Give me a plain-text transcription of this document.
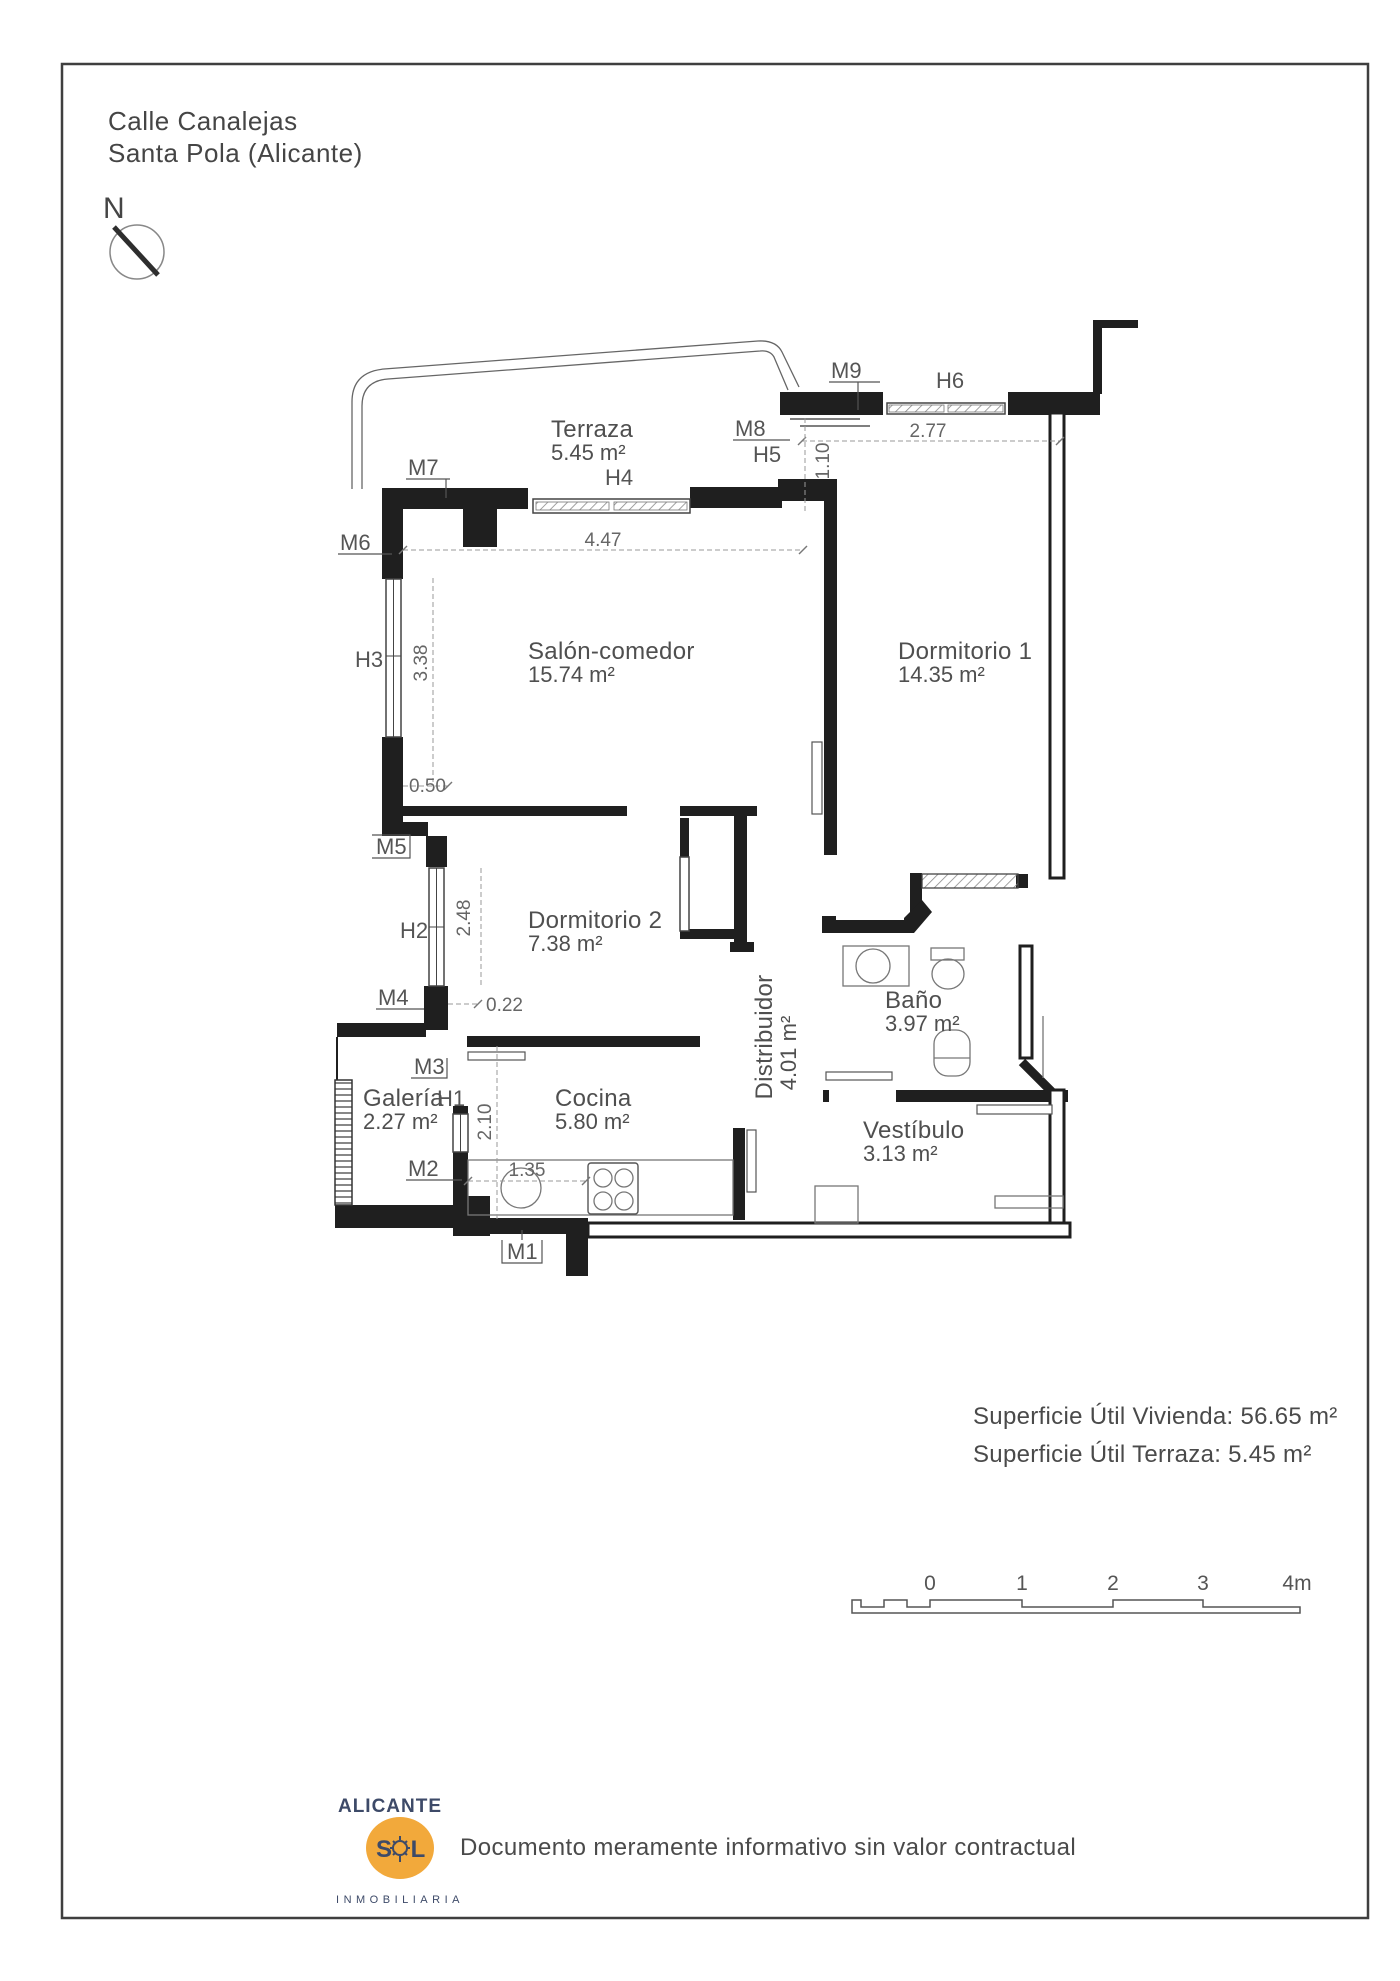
Calle Canalejas
Santa Pola (Alicante)
N
Terraza
5.45 m²
Salón-comedor
15.74 m²
Dormitorio 1
14.35 m²
Dormitorio 2
7.38 m²
Baño
3.97 m²
Distribuidor
4.01 m²
Cocina
5.80 m²
Galería
2.27 m²	Vestíbulo
3.13 m²
M9	H6
M8
H5
M7	H4
M6
H3
M5
H2
M4
M3
H1
M2
M1
4.47
2.77
1.10
3.38
0.50
2.48
0.22
2.10
1.35
Superficie Útil Vivienda: 56.65 m²
Superficie Útil Terraza: 5.45 m²
0	1	2	3	4m
ALICANTE
S L
INMOBILIARIA
Documento meramente informativo sin valor contractual
